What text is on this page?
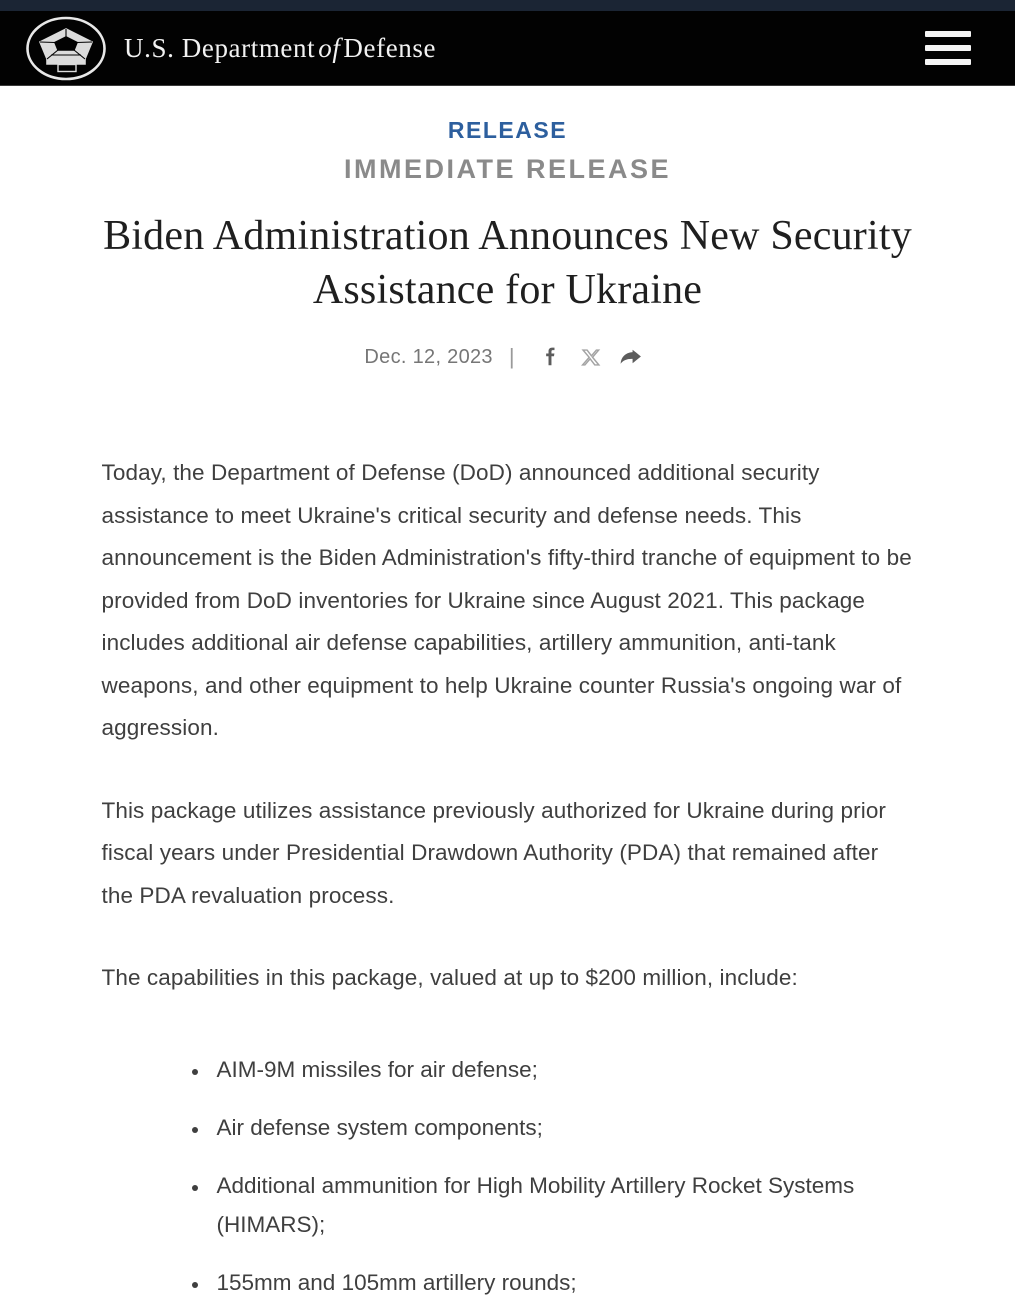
U.S. Department of Defense
RELEASE
IMMEDIATE RELEASE
Biden Administration Announces New Security Assistance for Ukraine
Dec. 12, 2023 |

Today, the Department of Defense (DoD) announced additional security assistance to meet Ukraine's critical security and defense needs. This announcement is the Biden Administration's fifty-third tranche of equipment to be provided from DoD inventories for Ukraine since August 2021. This package includes additional air defense capabilities, artillery ammunition, anti-tank weapons, and other equipment to help Ukraine counter Russia's ongoing war of aggression.

This package utilizes assistance previously authorized for Ukraine during prior fiscal years under Presidential Drawdown Authority (PDA) that remained after the PDA revaluation process.

The capabilities in this package, valued at up to $200 million, include:

• AIM-9M missiles for air defense;
• Air defense system components;
• Additional ammunition for High Mobility Artillery Rocket Systems (HIMARS);
• 155mm and 105mm artillery rounds;
